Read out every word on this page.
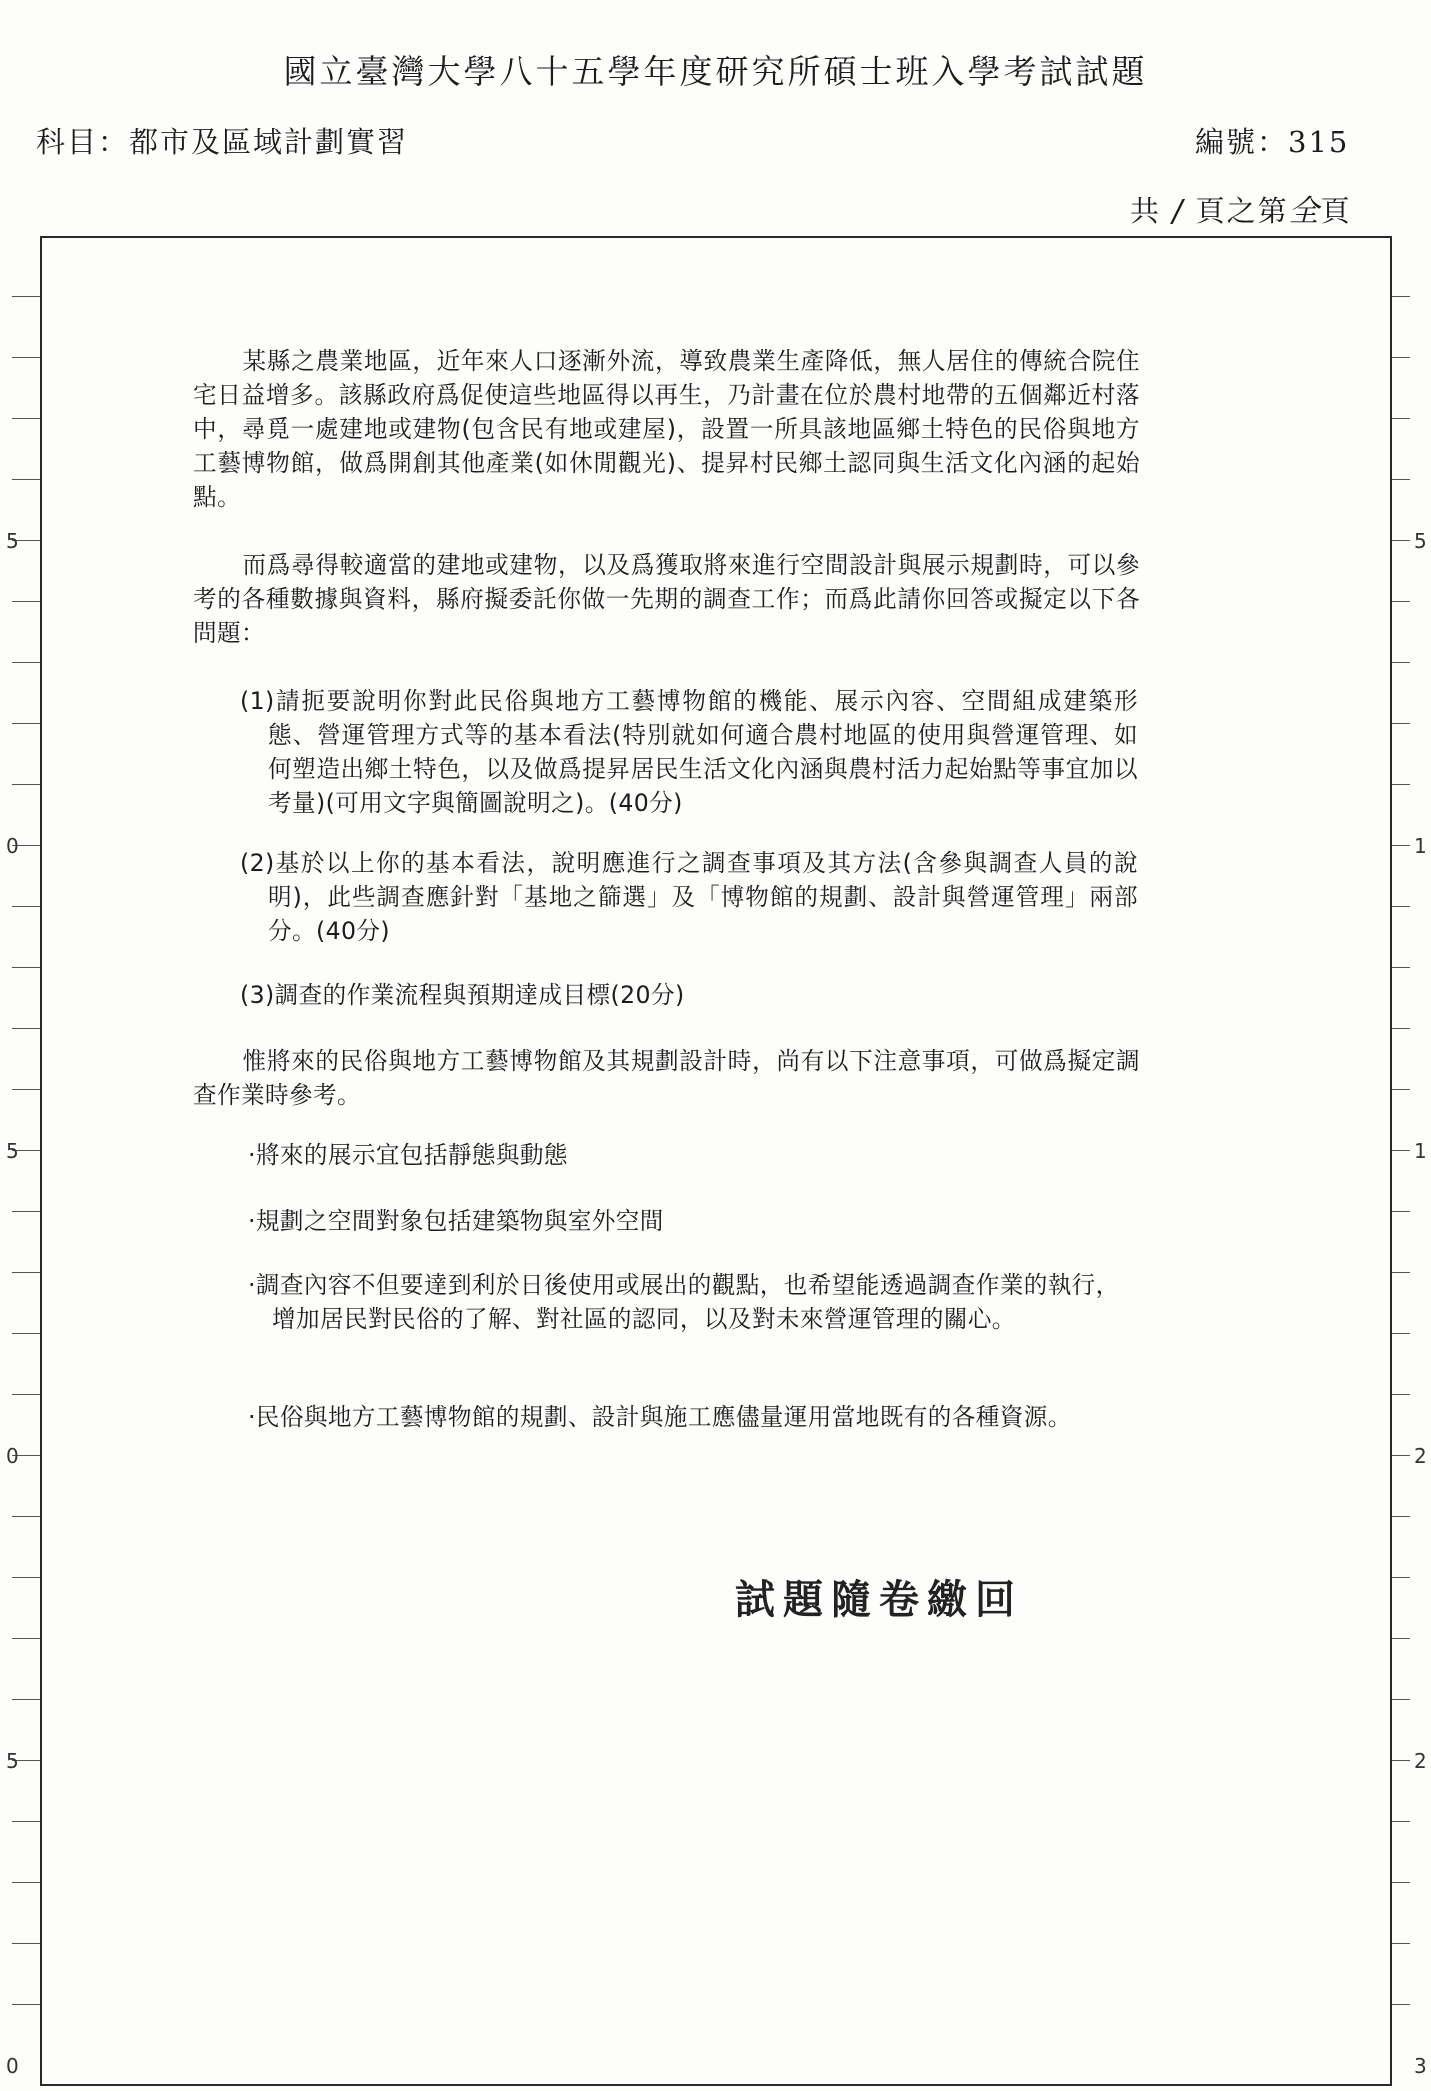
國立臺灣大學八十五學年度研究所碩士班入學考試試題
科目：都市及區域計劃實習	編號：315
共 / 頁之第全頁
5
0
5
0
5
0
5
1
1
2
2
3

某縣之農業地區，近年來人口逐漸外流，導致農業生產降低，無人居住的傳統合院住宅日益增多。該縣政府爲促使這些地區得以再生，乃計畫在位於農村地帶的五個鄰近村落中，尋覓一處建地或建物(包含民有地或建屋)，設置一所具該地區鄉土特色的民俗與地方工藝博物館，做爲開創其他產業(如休閒觀光)、提昇村民鄉土認同與生活文化內涵的起始點。

而爲尋得較適當的建地或建物，以及爲獲取將來進行空間設計與展示規劃時，可以參考的各種數據與資料，縣府擬委託你做一先期的調查工作；而爲此請你回答或擬定以下各問題：

(1)請扼要說明你對此民俗與地方工藝博物館的機能、展示內容、空間組成建築形態、營運管理方式等的基本看法(特別就如何適合農村地區的使用與營運管理、如何塑造出鄉土特色，以及做爲提昇居民生活文化內涵與農村活力起始點等事宜加以考量)(可用文字與簡圖說明之)。(40分)
(2)基於以上你的基本看法，說明應進行之調查事項及其方法(含參與調查人員的說明)，此些調查應針對「基地之篩選」及「博物館的規劃、設計與營運管理」兩部分。(40分)
(3)調查的作業流程與預期達成目標(20分)

惟將來的民俗與地方工藝博物館及其規劃設計時，尚有以下注意事項，可做爲擬定調查作業時參考。

·將來的展示宜包括靜態與動態
·規劃之空間對象包括建築物與室外空間
·調查內容不但要達到利於日後使用或展出的觀點，也希望能透過調查作業的執行，增加居民對民俗的了解、對社區的認同，以及對未來營運管理的關心。
·民俗與地方工藝博物館的規劃、設計與施工應儘量運用當地既有的各種資源。
試題隨卷繳回
